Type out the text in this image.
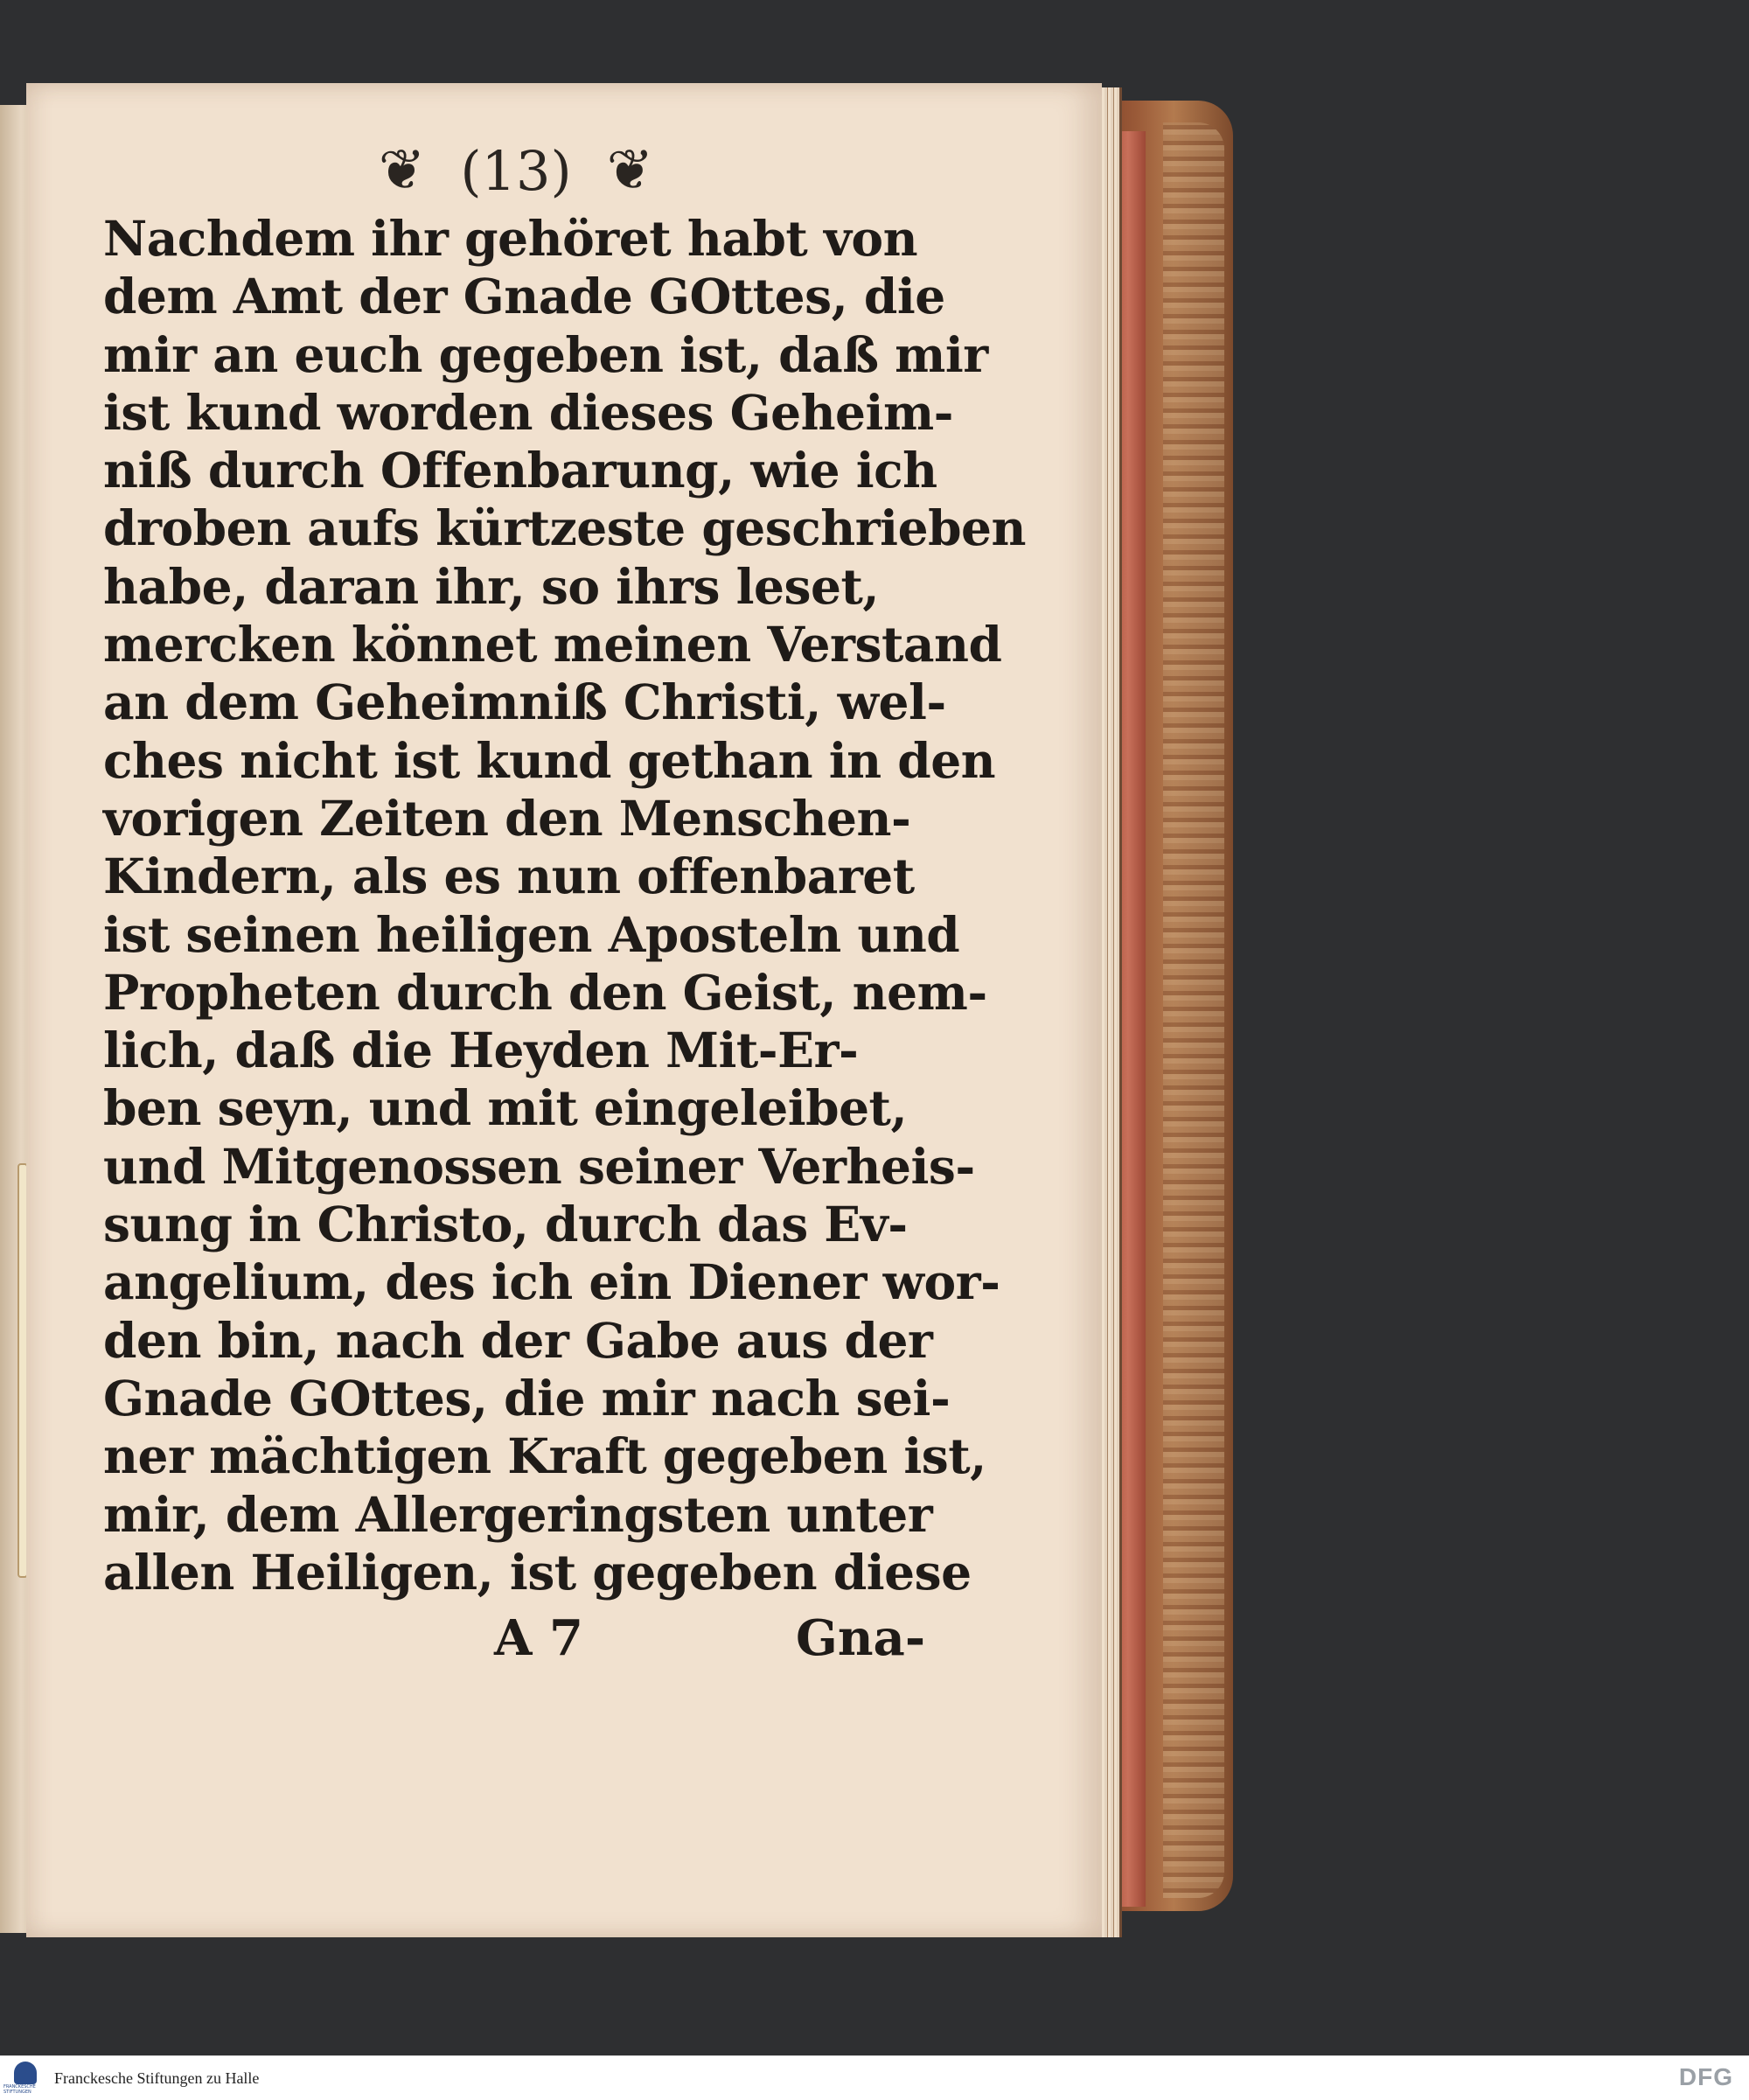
❦ (13) ❦
Nachdem ihr gehöret habt von
dem Amt der Gnade GOttes, die
mir an euch gegeben ist, daß mir
ist kund worden dieses Geheim-
niß durch Offenbarung, wie ich
droben aufs kürtzeste geschrieben
habe, daran ihr, so ihrs leset,
mercken könnet meinen Verstand
an dem Geheimniß Christi, wel-
ches nicht ist kund gethan in den
vorigen Zeiten den Menschen-
Kindern, als es nun offenbaret
ist seinen heiligen Aposteln und
Propheten durch den Geist, nem-
lich, daß die Heyden Mit-Er-
ben seyn, und mit eingeleibet,
und Mitgenossen seiner Verheis-
sung in Christo, durch das Ev-
angelium, des ich ein Diener wor-
den bin, nach der Gabe aus der
Gnade GOttes, die mir nach sei-
ner mächtigen Kraft gegeben ist,
mir, dem Allergeringsten unter
allen Heiligen, ist gegeben diese
A 7	Gna-
FRANCKESCHE STIFTUNGEN
Franckesche Stiftungen zu Halle	DFG
